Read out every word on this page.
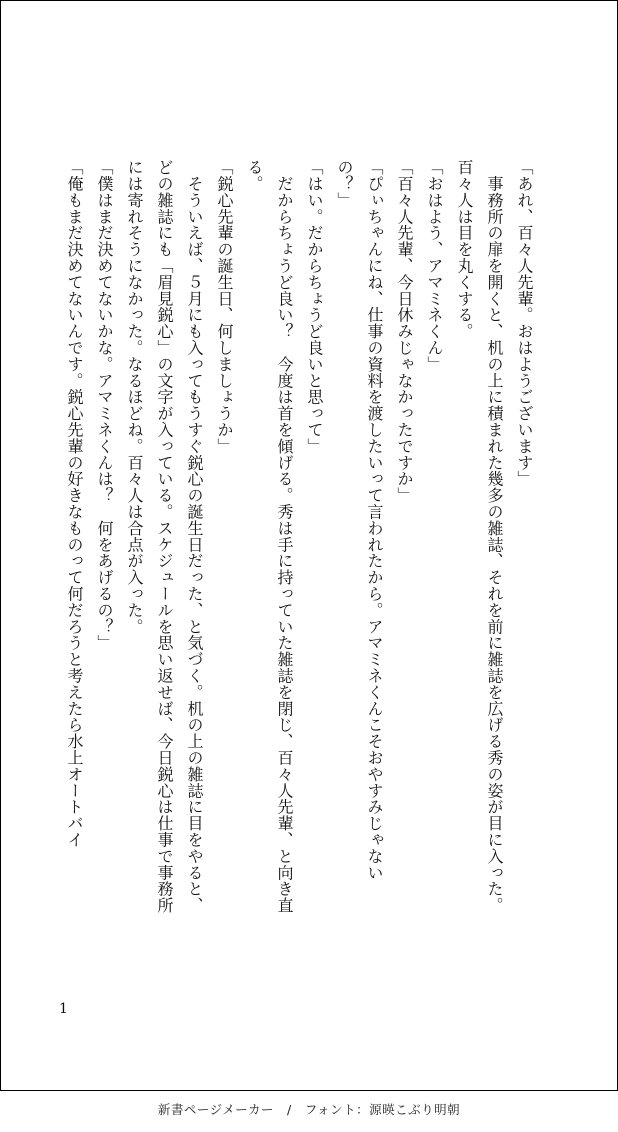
「あれ、百々人先輩。おはようございます」

　事務所の扉を開くと、机の上に積まれた幾多の雑誌、それを前に雑誌を広げる秀の姿が目に入った。百々人は目を丸くする。

「おはよう、アマミネくん」

「百々人先輩、今日休みじゃなかったですか」

「ぴぃちゃんにね、仕事の資料を渡したいって言われたから。アマミネくんこそおやすみじゃないの？」

「はい。だからちょうど良いと思って」

　だからちょうど良い？　今度は首を傾げる。秀は手に持っていた雑誌を閉じ、百々人先輩、と向き直る。

「鋭心先輩の誕生日、何しましょうか」

　そういえば、５月にも入ってもうすぐ鋭心の誕生日だった、と気づく。机の上の雑誌に目をやると、どの雑誌にも「眉見鋭心」の文字が入っている。スケジュールを思い返せば、今日鋭心は仕事で事務所には寄れそうになかった。なるほどね。百々人は合点が入った。

「僕はまだ決めてないかな。アマミネくんは？　何をあげるの？」

「俺もまだ決めてないんです。鋭心先輩の好きなものって何だろうと考えたら水上オートバイ

1
新書ページメーカー　/　フォント：源暎こぶり明朝
